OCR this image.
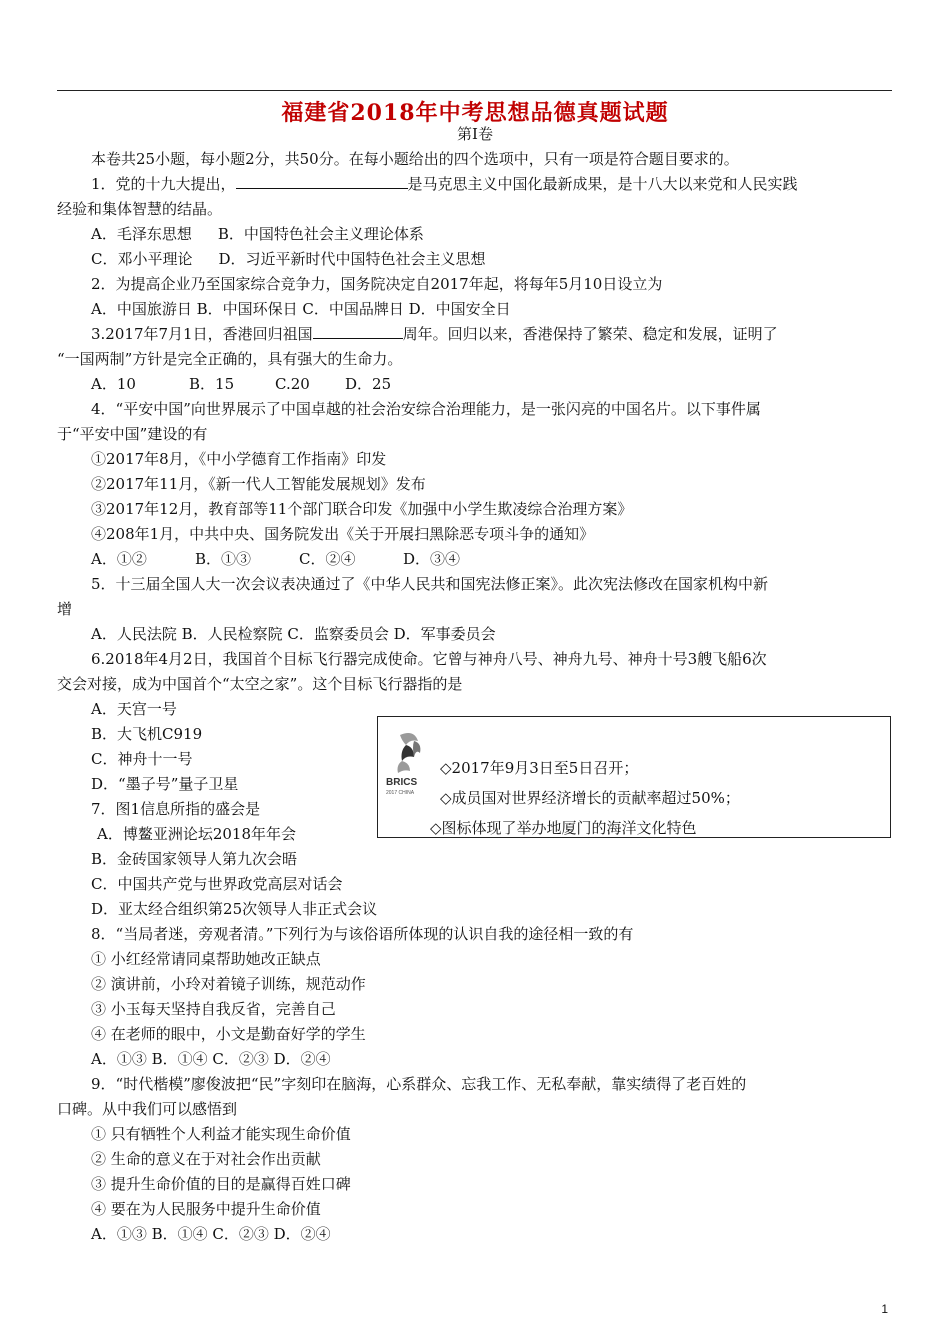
福建省2018年中考思想品德真题试题
第Ⅰ卷
本卷共25小题，每小题2分，共50分。在每小题给出的四个选项中，只有一项是符合题目要求的。
1．党的十九大提出，	是马克思主义中国化最新成果，是十八大以来党和人民实践
经验和集体智慧的结晶。
A．毛泽东思想 B．中国特色社会主义理论体系
C．邓小平理论 D．习近平新时代中国特色社会主义思想
2．为提高企业乃至国家综合竞争力，国务院决定自2017年起，将每年5月10日设立为
A．中国旅游日 B．中国环保日 C．中国品牌日 D．中国安全日
3.2017年7月1日，香港回归祖国	周年。回归以来，香港保持了繁荣、稳定和发展，证明了
“一国两制”方针是完全正确的，具有强大的生命力。
A．10	B．15	C.20 D．25
4．“平安中国”向世界展示了中国卓越的社会治安综合治理能力，是一张闪亮的中国名片。以下事件属
于“平安中国”建设的有
①2017年8月，《中小学德育工作指南》印发
②2017年11月，《新一代人工智能发展规划》发布
③2017年12月，教育部等11个部门联合印发《加强中小学生欺凌综合治理方案》
④208年1月，中共中央、国务院发出《关于开展扫黑除恶专项斗争的通知》
A．①②	B．①③	C．②④	D．③④
5．十三届全国人大一次会议表决通过了《中华人民共和国宪法修正案》。此次宪法修改在国家机构中新
增
A．人民法院 B．人民检察院 C．监察委员会 D．军事委员会
6.2018年4月2日，我国首个目标飞行器完成使命。它曾与神舟八号、神舟九号、神舟十号3艘飞船6次
交会对接，成为中国首个“太空之家”。这个目标飞行器指的是
A．天宫一号
B．大飞机C919
C．神舟十一号
D．“墨子号”量子卫星
7．图1信息所指的盛会是
A．博鳌亚洲论坛2018年年会
B．金砖国家领导人第九次会晤
C．中国共产党与世界政党高层对话会
D．亚太经合组织第25次领导人非正式会议
8．“当局者迷，旁观者清。”下列行为与该俗语所体现的认识自我的途径相一致的有
① 小红经常请同桌帮助她改正缺点
② 演讲前，小玲对着镜子训练，规范动作
③ 小玉每天坚持自我反省，完善自己
④ 在老师的眼中，小文是勤奋好学的学生
A．①③ B．①④ C．②③ D．②④
9．“时代楷模”廖俊波把“民”字刻印在脑海，心系群众、忘我工作、无私奉献，靠实绩得了老百姓的
口碑。从中我们可以感悟到
① 只有牺牲个人利益才能实现生命价值
② 生命的意义在于对社会作出贡献
③ 提升生命价值的目的是赢得百姓口碑
④ 要在为人民服务中提升生命价值
A．①③ B．①④ C．②③ D．②④
BRICS
2017 CHINA
◇2017年9月3日至5日召开；
◇成员国对世界经济增长的贡献率超过50%；
◇图标体现了举办地厦门的海洋文化特色
1
